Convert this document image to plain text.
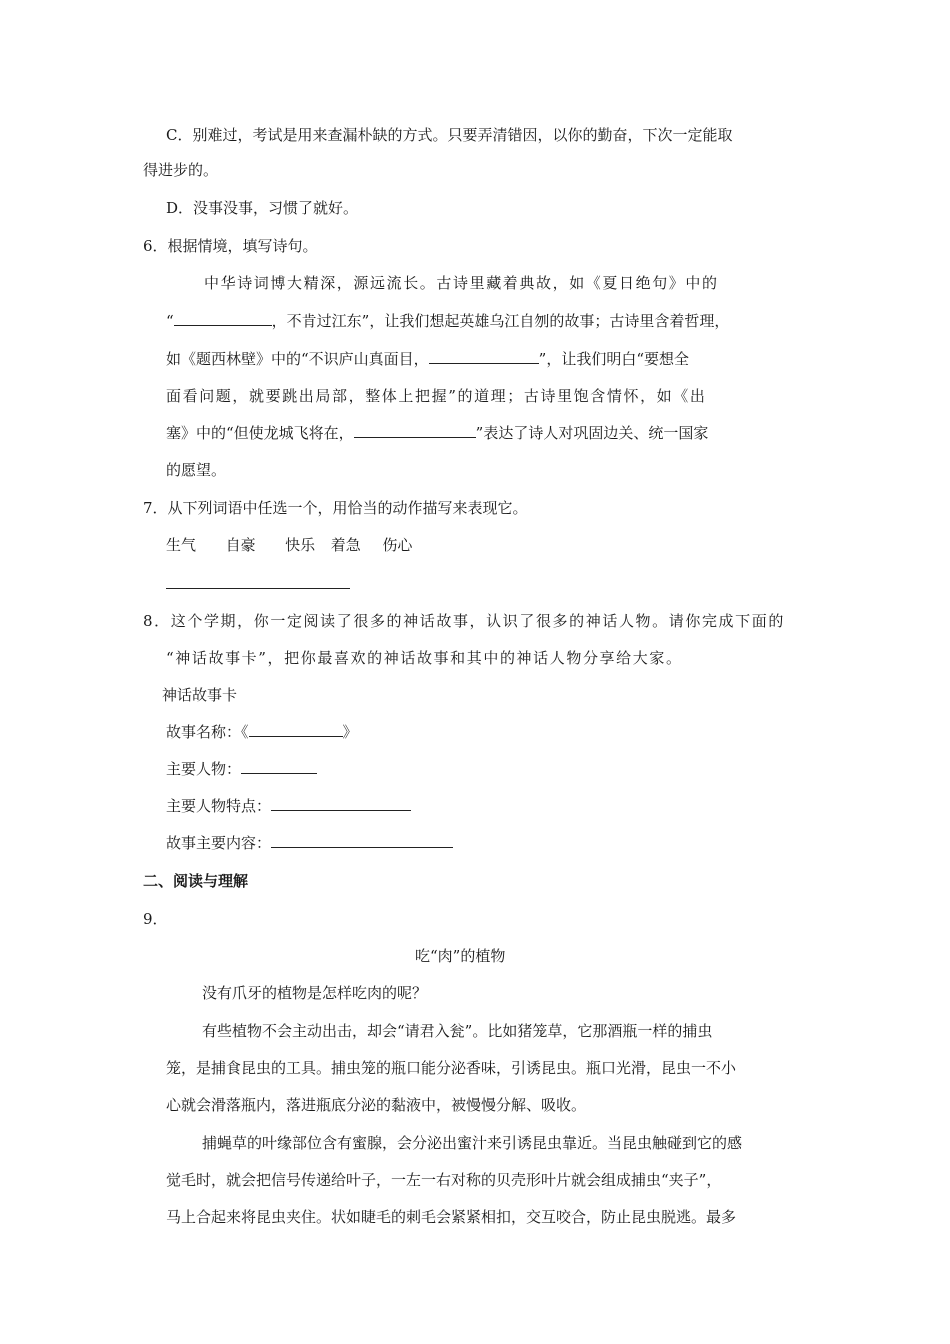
C．别难过，考试是用来查漏朴缺的方式。只要弄清错因，以你的勤奋，下次一定能取
得进步的。
D．没事没事，习惯了就好。
6．根据情境，填写诗句。
中华诗词博大精深，源远流长。古诗里藏着典故，如《夏日绝句》中的
“	，不肯过江东”，让我们想起英雄乌江自刎的故事；古诗里含着哲理，
如《题西林壁》中的“不识庐山真面目，	”，让我们明白“要想全
面看问题，就要跳出局部，整体上把握”的道理；古诗里饱含情怀，如《出
塞》中的“但使龙城飞将在，	”表达了诗人对巩固边关、统一国家
的愿望。
7．从下列词语中任选一个，用恰当的动作描写来表现它。
生气 自豪 快乐 着急 伤心
8．这个学期，你一定阅读了很多的神话故事，认识了很多的神话人物。请你完成下面的
“神话故事卡”，把你最喜欢的神话故事和其中的神话人物分享给大家。
神话故事卡
故事名称：《	》
主要人物：
主要人物特点：
故事主要内容：
二、阅读与理解
9．
吃“肉”的植物
没有爪牙的植物是怎样吃肉的呢？
有些植物不会主动出击，却会“请君入瓮”。比如猪笼草，它那酒瓶一样的捕虫
笼，是捕食昆虫的工具。捕虫笼的瓶口能分泌香味，引诱昆虫。瓶口光滑，昆虫一不小
心就会滑落瓶内，落进瓶底分泌的黏液中，被慢慢分解、吸收。
捕蝇草的叶缘部位含有蜜腺，会分泌出蜜汁来引诱昆虫靠近。当昆虫触碰到它的感
觉毛时，就会把信号传递给叶子，一左一右对称的贝壳形叶片就会组成捕虫“夹子”，
马上合起来将昆虫夹住。状如睫毛的刺毛会紧紧相扣，交互咬合，防止昆虫脱逃。最多
